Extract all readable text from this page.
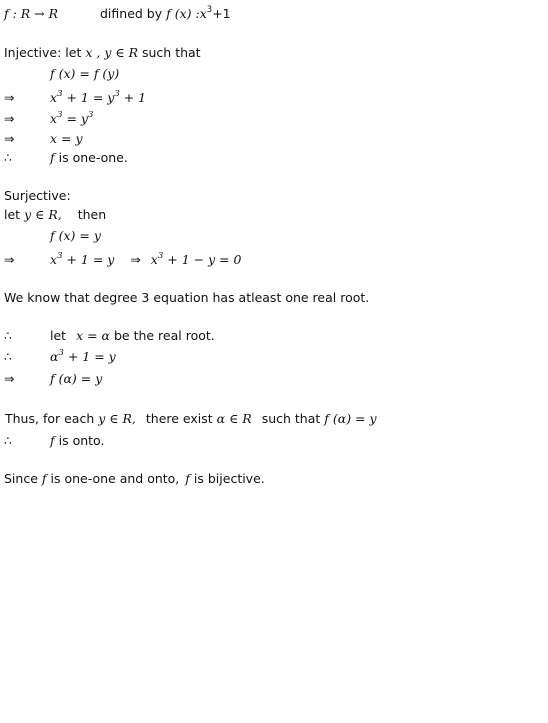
f : R → R	difined by f (x) $:x^3+1$
Injective: let x , y ∈ R such that
f (x) = f (y)
⇒	$x^3 + 1 = y^3 + 1$
⇒	$x^3 = y^3$
⇒	x = y
∴	f is one-one.
Surjective:
let y ∈ R, then
f (x) = y
⇒	$x^3 + 1 = y$ ⇒ $x^3 + 1 - y = 0$
We know that degree 3 equation has atleast one real root.
∴	let x = α be the real root.
∴	$\alpha^3 + 1 = y$
⇒	f (α) = y
Thus, for each y ∈ R, there exist α ∈ R such that f (α) = y
∴	f is onto.
Since f is one-one and onto, f is bijective.
